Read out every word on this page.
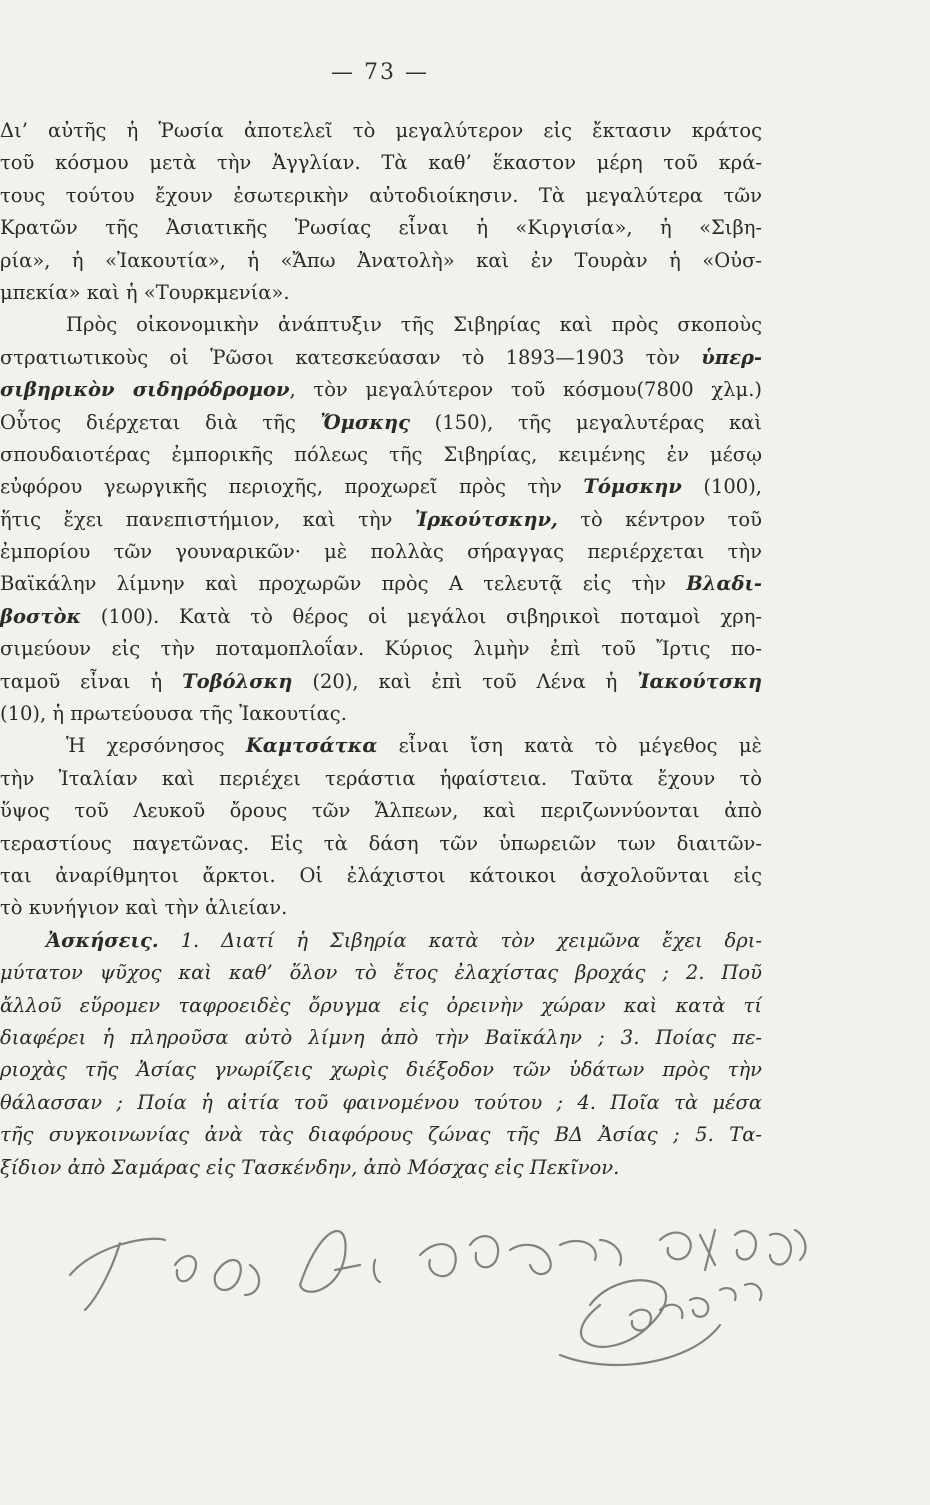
— 73 —
Δι’ αὐτῆς ἡ Ῥωσία ἀποτελεῖ τὸ μεγαλύτερον εἰς ἔκτασιν κράτος
τοῦ κόσμου μετὰ τὴν Ἀγγλίαν. Τὰ καθ’ ἕκαστον μέρη τοῦ κρά-
τους τούτου ἔχουν ἐσωτερικὴν αὐτοδιοίκησιν. Τὰ μεγαλύτερα τῶν
Κρατῶν τῆς Ἀσιατικῆς Ῥωσίας εἶναι ἡ «Κιργισία», ἡ «Σιβη-
ρία», ἡ «Ἰακουτία», ἡ «Ἄπω Ἀνατολὴ» καὶ ἐν Τουρὰν ἡ «Οὐσ-
μπεκία» καὶ ἡ «Τουρκμενία».
Πρὸς οἰκονομικὴν ἀνάπτυξιν τῆς Σιβηρίας καὶ πρὸς σκοποὺς
στρατιωτικοὺς οἱ Ῥῶσοι κατεσκεύασαν τὸ 1893—1903 τὸν ὑπερ-
σιβηρικὸν σιδηρόδρομον, τὸν μεγαλύτερον τοῦ κόσμου(7800 χλμ.)
Οὗτος διέρχεται διὰ τῆς Ὄμσκης (150), τῆς μεγαλυτέρας καὶ
σπουδαιοτέρας ἐμπορικῆς πόλεως τῆς Σιβηρίας, κειμένης ἐν μέσῳ
εὐφόρου γεωργικῆς περιοχῆς, προχωρεῖ πρὸς τὴν Τόμσκην (100),
ἥτις ἔχει πανεπιστήμιον, καὶ τὴν Ἰρκούτσκην, τὸ κέντρον τοῦ
ἐμπορίου τῶν γουναρικῶν· μὲ πολλὰς σήραγγας περιέρχεται τὴν
Βαϊκάλην λίμνην καὶ προχωρῶν πρὸς Α τελευτᾷ εἰς τὴν Βλαδι-
βοστὸκ (100). Κατὰ τὸ θέρος οἱ μεγάλοι σιβηρικοὶ ποταμοὶ χρη-
σιμεύουν εἰς τὴν ποταμοπλοΐαν. Κύριος λιμὴν ἐπὶ τοῦ Ἴρτις πο-
ταμοῦ εἶναι ἡ Τοβόλσκη (20), καὶ ἐπὶ τοῦ Λένα ἡ Ἰακούτσκη
(10), ἡ πρωτεύουσα τῆς Ἰακουτίας.
Ἡ χερσόνησος Καμτσάτκα εἶναι ἴση κατὰ τὸ μέγεθος μὲ
τὴν Ἰταλίαν καὶ περιέχει τεράστια ἡφαίστεια. Ταῦτα ἔχουν τὸ
ὕψος τοῦ Λευκοῦ ὄρους τῶν Ἄλπεων, καὶ περιζωννύονται ἀπὸ
τεραστίους παγετῶνας. Εἰς τὰ δάση τῶν ὑπωρειῶν των διαιτῶν-
ται ἀναρίθμητοι ἄρκτοι. Οἱ ἐλάχιστοι κάτοικοι ἀσχολοῦνται εἰς
τὸ κυνήγιον καὶ τὴν ἁλιείαν.
Ἀσκήσεις. 1. Διατί ἡ Σιβηρία κατὰ τὸν χειμῶνα ἔχει δρι-
μύτατον ψῦχος καὶ καθ’ ὅλον τὸ ἔτος ἐλαχίστας βροχάς ; 2. Ποῦ
ἄλλοῦ εὕρομεν ταφροειδὲς ὄρυγμα εἰς ὀρεινὴν χώραν καὶ κατὰ τί
διαφέρει ἡ πληροῦσα αὐτὸ λίμνη ἀπὸ τὴν Βαϊκάλην ; 3. Ποίας πε-
ριοχὰς τῆς Ἀσίας γνωρίζεις χωρὶς διέξοδον τῶν ὑδάτων πρὸς τὴν
θάλασσαν ; Ποία ἡ αἰτία τοῦ φαινομένου τούτου ; 4. Ποῖα τὰ μέσα
τῆς συγκοινωνίας ἀνὰ τὰς διαφόρους ζώνας τῆς ΒΔ Ἀσίας ; 5. Τα-
ξίδιον ἀπὸ Σαμάρας εἰς Τασκένδην, ἀπὸ Μόσχας εἰς Πεκῖνον.
